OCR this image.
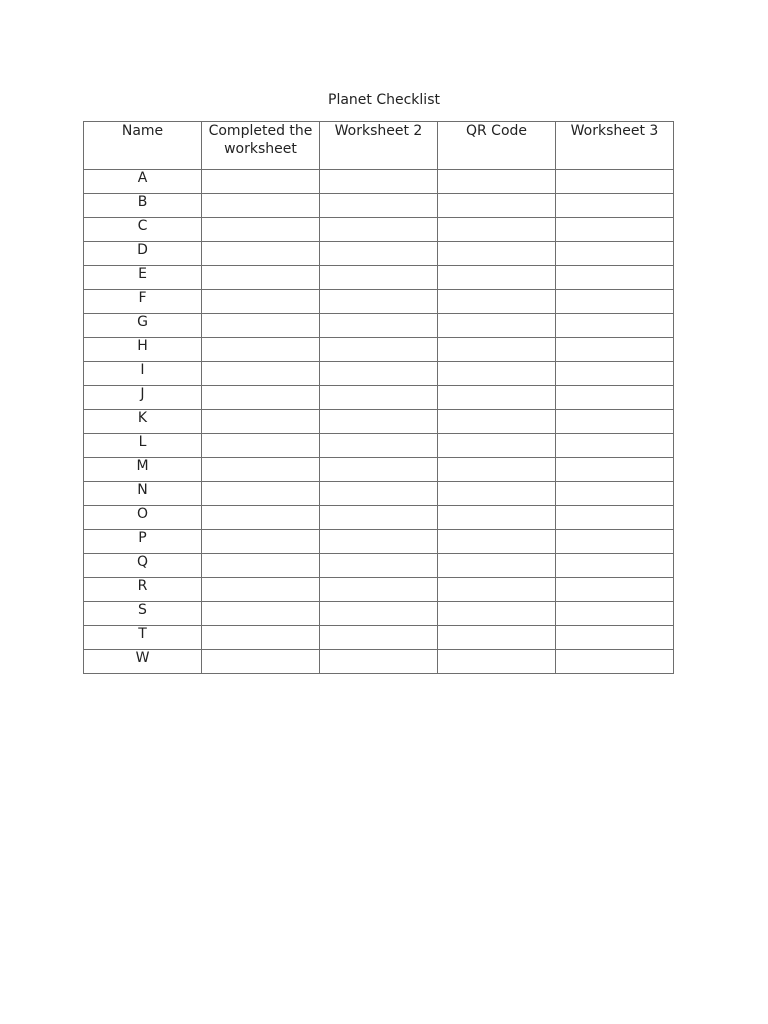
Planet Checklist
Name	Completed the worksheet	Worksheet 2	QR Code	Worksheet 3
A				
B				
C				
D				
E				
F				
G				
H				
I				
J				
K				
L				
M				
N				
O				
P				
Q				
R				
S				
T				
W				
